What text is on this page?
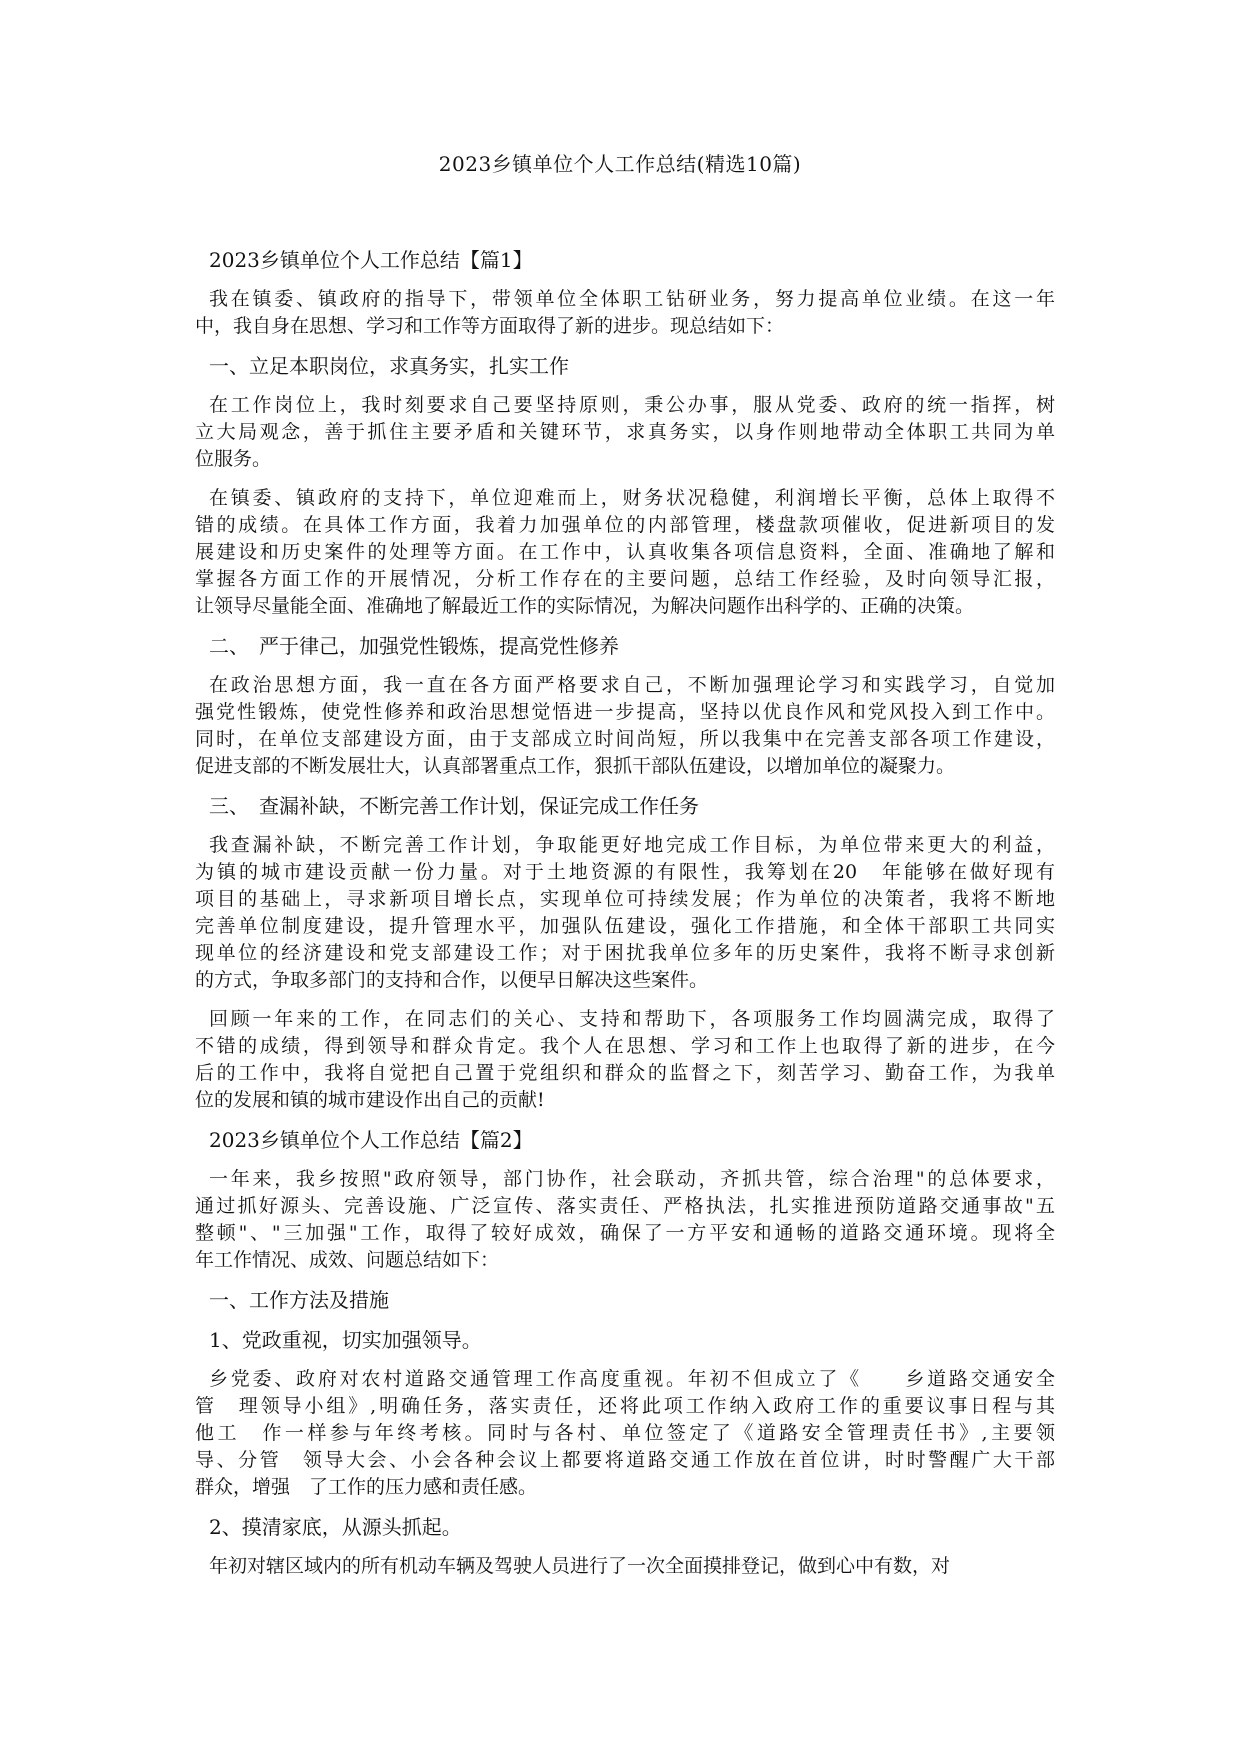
2023乡镇单位个人工作总结(精选10篇)
2023乡镇单位个人工作总结【篇1】
我在镇委、镇政府的指导下，带领单位全体职工钻研业务，努力提高单位业绩。在这一年
中，我自身在思想、学习和工作等方面取得了新的进步。现总结如下：
一、立足本职岗位，求真务实，扎实工作
在工作岗位上，我时刻要求自己要坚持原则，秉公办事，服从党委、政府的统一指挥，树
立大局观念，善于抓住主要矛盾和关键环节，求真务实，以身作则地带动全体职工共同为单
位服务。
在镇委、镇政府的支持下，单位迎难而上，财务状况稳健，利润增长平衡，总体上取得不
错的成绩。在具体工作方面，我着力加强单位的内部管理，楼盘款项催收，促进新项目的发
展建设和历史案件的处理等方面。在工作中，认真收集各项信息资料，全面、准确地了解和
掌握各方面工作的开展情况，分析工作存在的主要问题，总结工作经验，及时向领导汇报，
让领导尽量能全面、准确地了解最近工作的实际情况，为解决问题作出科学的、正确的决策。
二、　严于律己，加强党性锻炼，提高党性修养
在政治思想方面，我一直在各方面严格要求自己，不断加强理论学习和实践学习，自觉加
强党性锻炼，使党性修养和政治思想觉悟进一步提高，坚持以优良作风和党风投入到工作中。
同时，在单位支部建设方面，由于支部成立时间尚短，所以我集中在完善支部各项工作建设，
促进支部的不断发展壮大，认真部署重点工作，狠抓干部队伍建设，以增加单位的凝聚力。
三、　查漏补缺，不断完善工作计划，保证完成工作任务
我查漏补缺，不断完善工作计划，争取能更好地完成工作目标，为单位带来更大的利益，
为镇的城市建设贡献一份力量。对于土地资源的有限性，我筹划在20　年能够在做好现有
项目的基础上，寻求新项目增长点，实现单位可持续发展；作为单位的决策者，我将不断地
完善单位制度建设，提升管理水平，加强队伍建设，强化工作措施，和全体干部职工共同实
现单位的经济建设和党支部建设工作；对于困扰我单位多年的历史案件，我将不断寻求创新
的方式，争取多部门的支持和合作，以便早日解决这些案件。
回顾一年来的工作，在同志们的关心、支持和帮助下，各项服务工作均圆满完成，取得了
不错的成绩，得到领导和群众肯定。我个人在思想、学习和工作上也取得了新的进步，在今
后的工作中，我将自觉把自己置于党组织和群众的监督之下，刻苦学习、勤奋工作，为我单
位的发展和镇的城市建设作出自己的贡献!
2023乡镇单位个人工作总结【篇2】
一年来，我乡按照"政府领导，部门协作，社会联动，齐抓共管，综合治理"的总体要求，
通过抓好源头、完善设施、广泛宣传、落实责任、严格执法，扎实推进预防道路交通事故"五
整顿"、"三加强"工作，取得了较好成效，确保了一方平安和通畅的道路交通环境。现将全
年工作情况、成效、问题总结如下：
一、工作方法及措施
1、党政重视，切实加强领导。
乡党委、政府对农村道路交通管理工作高度重视。年初不但成立了《　　乡道路交通安全
管　理领导小组》,明确任务，落实责任，还将此项工作纳入政府工作的重要议事日程与其
他工　作一样参与年终考核。同时与各村、单位签定了《道路安全管理责任书》,主要领
导、分管　领导大会、小会各种会议上都要将道路交通工作放在首位讲，时时警醒广大干部
群众，增强　了工作的压力感和责任感。
2、摸清家底，从源头抓起。
年初对辖区域内的所有机动车辆及驾驶人员进行了一次全面摸排登记，做到心中有数，对
